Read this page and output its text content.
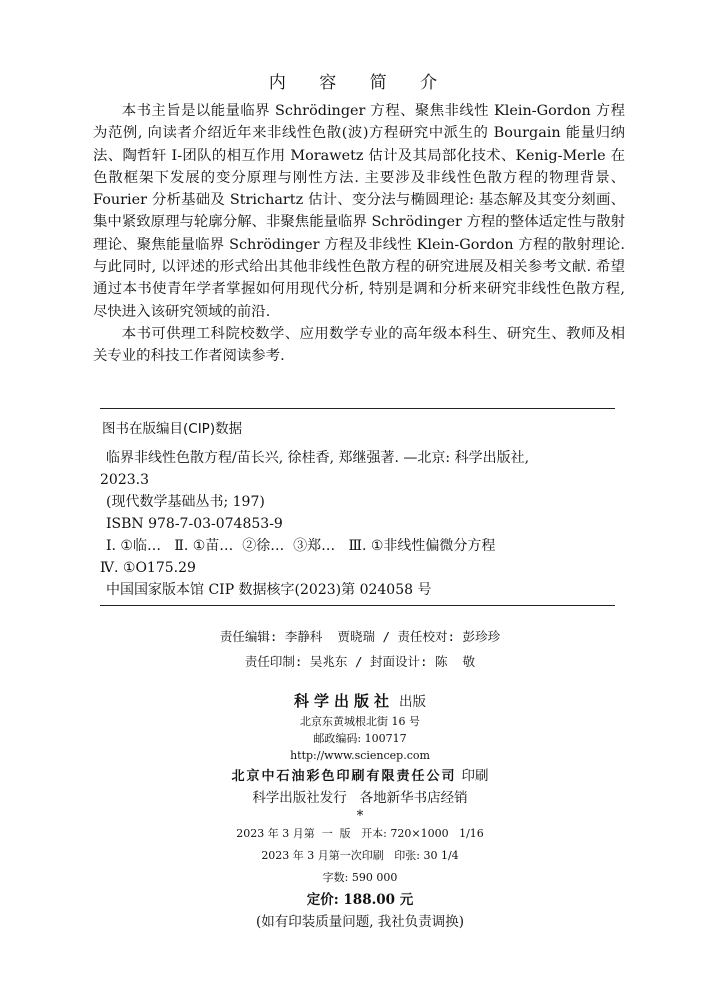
内 容 简 介

本书主旨是以能量临界 Schrödinger 方程、聚焦非线性 Klein-Gordon 方程为范例, 向读者介绍近年来非线性色散(波)方程研究中派生的 Bourgain 能量归纳法、陶哲轩 I-团队的相互作用 Morawetz 估计及其局部化技术、Kenig-Merle 在色散框架下发展的变分原理与刚性方法. 主要涉及非线性色散方程的物理背景、Fourier 分析基础及 Strichartz 估计、变分法与椭圆理论: 基态解及其变分刻画、集中紧致原理与轮廓分解、非聚焦能量临界 Schrödinger 方程的整体适定性与散射理论、聚焦能量临界 Schrödinger 方程及非线性 Klein-Gordon 方程的散射理论. 与此同时, 以评述的形式给出其他非线性色散方程的研究进展及相关参考文献. 希望通过本书使青年学者掌握如何用现代分析, 特别是调和分析来研究非线性色散方程, 尽快进入该研究领域的前沿.

本书可供理工科院校数学、应用数学专业的高年级本科生、研究生、教师及相关专业的科技工作者阅读参考.

图书在版编目(CIP)数据

临界非线性色散方程/苗长兴, 徐桂香, 郑继强著. —北京: 科学出版社,

2023.3

(现代数学基础丛书; 197)

ISBN 978-7-03-074853-9

Ⅰ. ①临…   Ⅱ. ①苗…  ②徐…  ③郑…   Ⅲ. ①非线性偏微分方程

Ⅳ. ①O175.29

中国国家版本馆 CIP 数据核字(2023)第 024058 号

责任编辑: 李静科  贾晓瑞 / 责任校对: 彭珍珍
责任印制: 吴兆东 / 封面设计: 陈  敬
科学出版社 出版
北京东黄城根北街 16 号
邮政编码: 100717
http://www.sciencep.com
北京中石油彩色印刷有限责任公司 印刷
科学出版社发行   各地新华书店经销
*
2023 年 3 月第  一  版   开本: 720×1000   1/16
2023 年 3 月第一次印刷   印张: 30 1/4
字数: 590 000
定价: 188.00 元
(如有印装质量问题, 我社负责调换)
